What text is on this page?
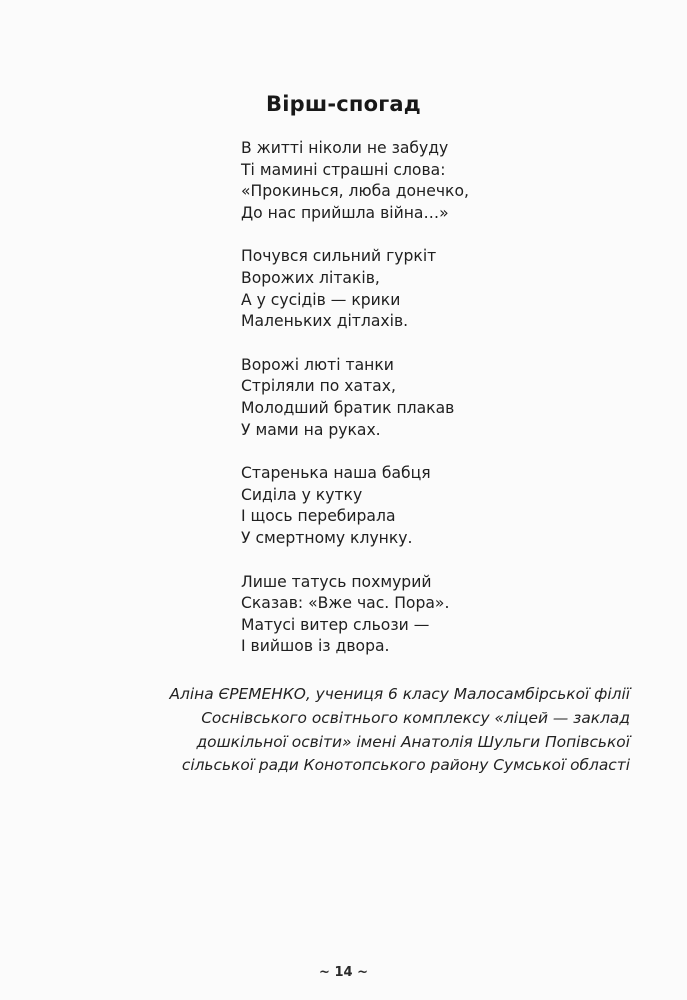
Вірш-спогад
В житті ніколи не забуду
Ті мамині страшні слова:
«Прокинься, люба донечко,
До нас прийшла війна…»
Почувся сильний гуркіт
Ворожих літаків,
А у сусідів — крики
Маленьких дітлахів.
Ворожі люті танки
Стріляли по хатах,
Молодший братик плакав
У мами на руках.
Старенька наша бабця
Сиділа у кутку
І щось перебирала
У смертному клунку.
Лише татусь похмурий
Сказав: «Вже час. Пора».
Матусі витер сльози —
І вийшов із двора.
Аліна ЄРЕМЕНКО, учениця 6 класу Малосамбірської філії
Соснівського освітнього комплексу «ліцей — заклад
дошкільної освіти» імені Анатолія Шульги Попівської
сільської ради Конотопського району Сумської області
~ 14 ~
